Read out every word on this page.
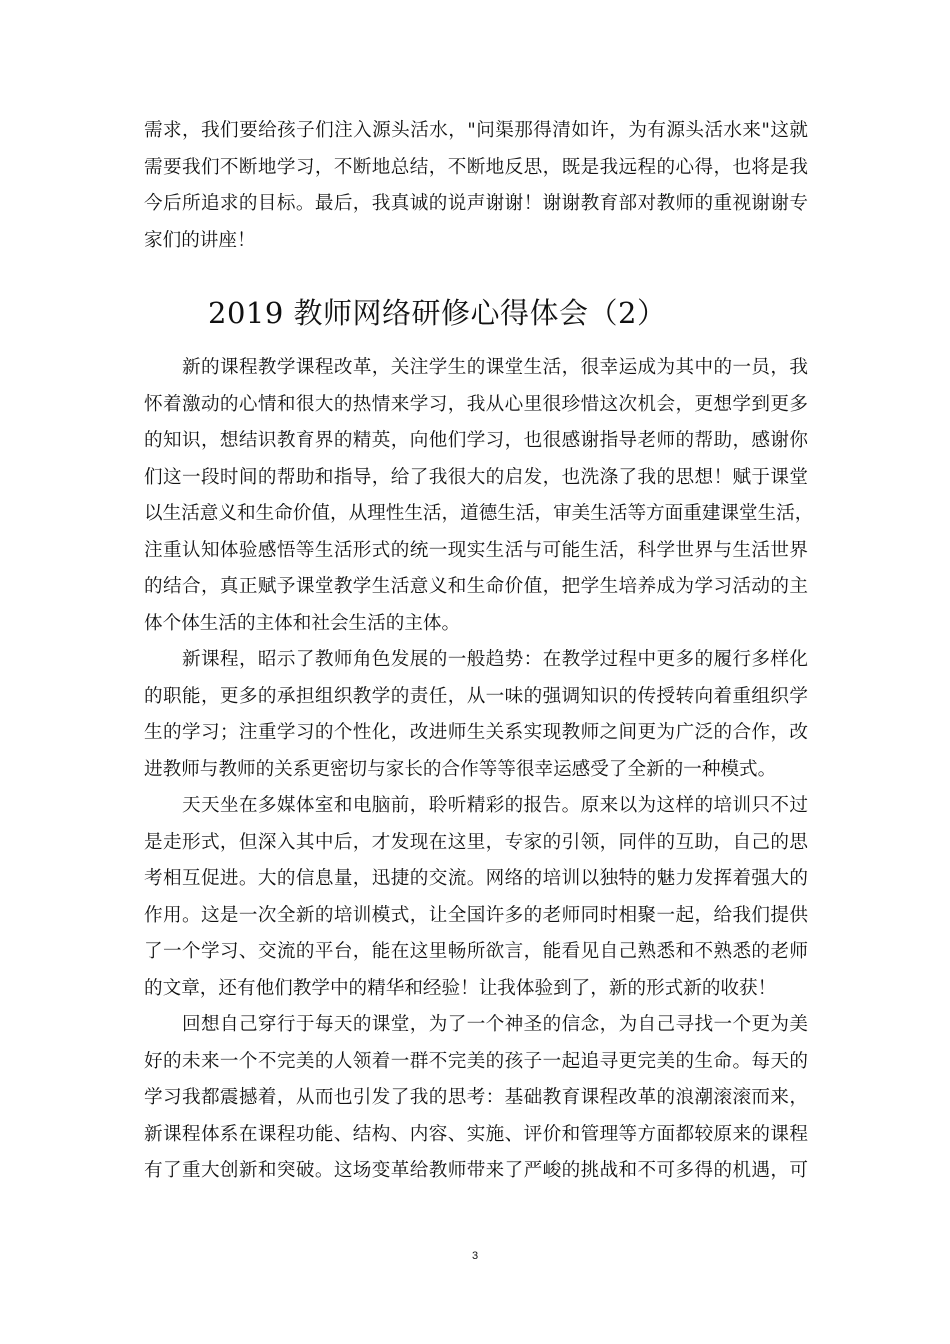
需求，我们要给孩子们注入源头活水，"问渠那得清如许，为有源头活水来"这就
需要我们不断地学习，不断地总结，不断地反思，既是我远程的心得，也将是我
今后所追求的目标。最后，我真诚的说声谢谢！谢谢教育部对教师的重视谢谢专
家们的讲座！
2019 教师网络研修心得体会（2）
新的课程教学课程改革，关注学生的课堂生活，很幸运成为其中的一员，我
怀着激动的心情和很大的热情来学习，我从心里很珍惜这次机会，更想学到更多
的知识，想结识教育界的精英，向他们学习，也很感谢指导老师的帮助，感谢你
们这一段时间的帮助和指导，给了我很大的启发，也洗涤了我的思想！赋于课堂
以生活意义和生命价值，从理性生活，道德生活，审美生活等方面重建课堂生活，
注重认知体验感悟等生活形式的统一现实生活与可能生活，科学世界与生活世界
的结合，真正赋予课堂教学生活意义和生命价值，把学生培养成为学习活动的主
体个体生活的主体和社会生活的主体。
新课程，昭示了教师角色发展的一般趋势：在教学过程中更多的履行多样化
的职能，更多的承担组织教学的责任，从一味的强调知识的传授转向着重组织学
生的学习；注重学习的个性化，改进师生关系实现教师之间更为广泛的合作，改
进教师与教师的关系更密切与家长的合作等等很幸运感受了全新的一种模式。
天天坐在多媒体室和电脑前，聆听精彩的报告。原来以为这样的培训只不过
是走形式，但深入其中后，才发现在这里，专家的引领，同伴的互助，自己的思
考相互促进。大的信息量，迅捷的交流。网络的培训以独特的魅力发挥着强大的
作用。这是一次全新的培训模式，让全国许多的老师同时相聚一起，给我们提供
了一个学习、交流的平台，能在这里畅所欲言，能看见自己熟悉和不熟悉的老师
的文章，还有他们教学中的精华和经验！让我体验到了，新的形式新的收获！
回想自己穿行于每天的课堂，为了一个神圣的信念，为自己寻找一个更为美
好的未来一个不完美的人领着一群不完美的孩子一起追寻更完美的生命。每天的
学习我都震撼着，从而也引发了我的思考：基础教育课程改革的浪潮滚滚而来，
新课程体系在课程功能、结构、内容、实施、评价和管理等方面都较原来的课程
有了重大创新和突破。这场变革给教师带来了严峻的挑战和不可多得的机遇，可
3
